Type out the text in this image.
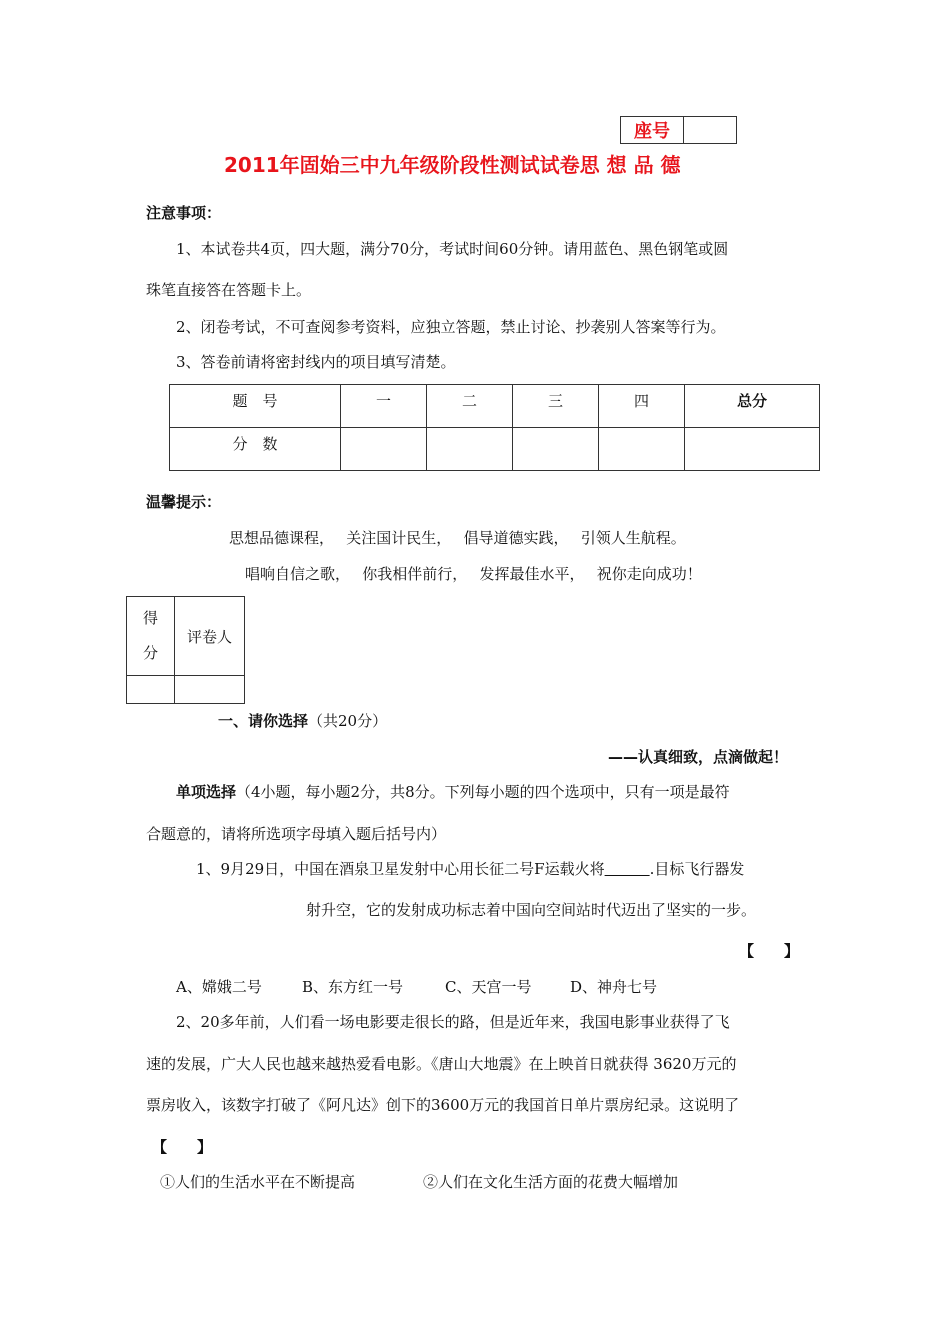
座号	
2011年固始三中九年级阶段性测试试卷思 想 品 德
注意事项：
1、本试卷共4页，四大题，满分70分，考试时间60分钟。请用蓝色、黑色钢笔或圆
珠笔直接答在答题卡上。
2、闭卷考试，不可查阅参考资料，应独立答题，禁止讨论、抄袭别人答案等行为。
3、答卷前请将密封线内的项目填写清楚。
题　号	一	二	三	四	总分
分　数					
温馨提示：
思想品德课程，　 关注国计民生，　 倡导道德实践，　 引领人生航程。
唱响自信之歌，　 你我相伴前行，　 发挥最佳水平，　 祝你走向成功！
得
分	评卷人

一、请你选择（共20分）
——认真细致，点滴做起！
单项选择（4小题，每小题2分，共8分。下列每小题的四个选项中，只有一项是最符
合题意的，请将所选项字母填入题后括号内）
1、9月29日，中国在酒泉卫星发射中心用长征二号F运载火将　　　	.目标飞行器发
射升空，它的发射成功标志着中国向空间站时代迈出了坚实的一步。
【　　】
A、嫦娥二号	B、东方红一号	C、天宫一号	D、神舟七号
2、20多年前，人们看一场电影要走很长的路，但是近年来，我国电影事业获得了飞
速的发展，广大人民也越来越热爱看电影。《唐山大地震》在上映首日就获得 3620万元的
票房收入，该数字打破了《阿凡达》创下的3600万元的我国首日单片票房纪录。这说明了
【　　】
①人们的生活水平在不断提高	②人们在文化生活方面的花费大幅增加
